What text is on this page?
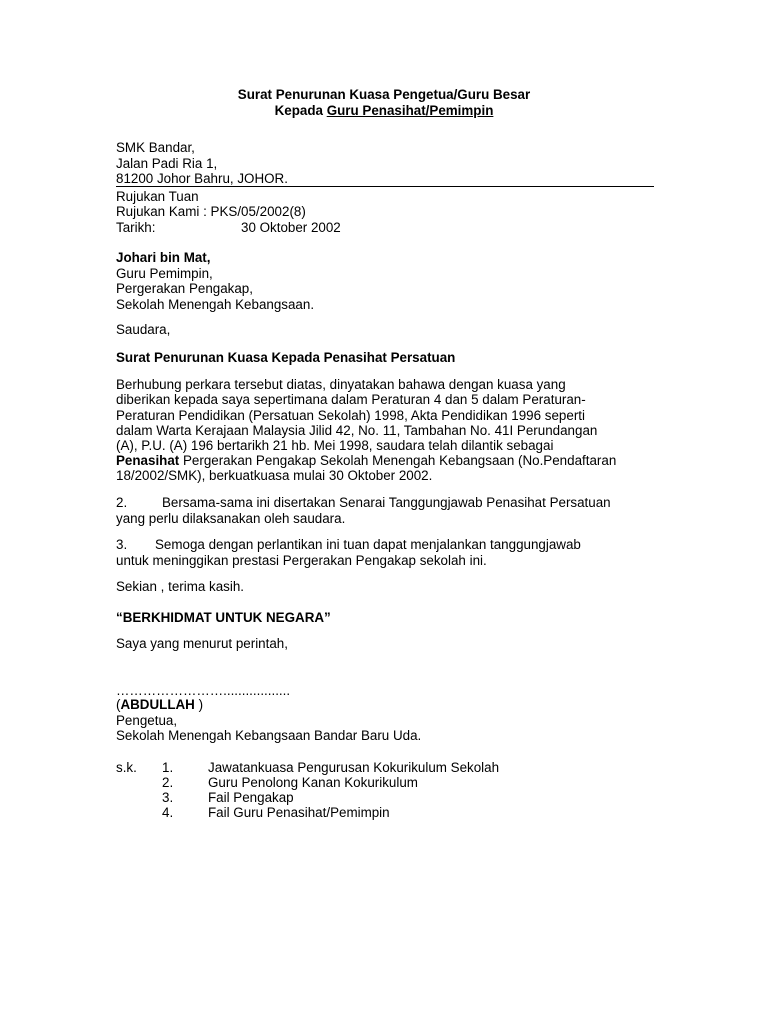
Surat Penurunan Kuasa Pengetua/Guru Besar
Kepada Guru Penasihat/Pemimpin
SMK Bandar,
Jalan Padi Ria 1,
81200 Johor Bahru, JOHOR.
Rujukan Tuan
Rujukan Kami : PKS/05/2002(8)
Tarikh:	30 Oktober 2002
Johari bin Mat,
Guru Pemimpin,
Pergerakan Pengakap,
Sekolah Menengah Kebangsaan.
Saudara,
Surat Penurunan Kuasa Kepada Penasihat Persatuan
Berhubung perkara tersebut diatas, dinyatakan bahawa dengan kuasa yang
diberikan kepada saya sepertimana dalam Peraturan 4 dan 5 dalam Peraturan-
Peraturan Pendidikan (Persatuan Sekolah) 1998, Akta Pendidikan 1996 seperti
dalam Warta Kerajaan Malaysia Jilid 42, No. 11, Tambahan No. 41I Perundangan
(A), P.U. (A) 196 bertarikh 21 hb. Mei 1998, saudara telah dilantik sebagai
Penasihat Pergerakan Pengakap Sekolah Menengah Kebangsaan (No.Pendaftaran
18/2002/SMK), berkuatkuasa mulai 30 Oktober 2002.
2.	Bersama-sama ini disertakan Senarai Tanggungjawab Penasihat Persatuan
yang perlu dilaksanakan oleh saudara.
3. Semoga dengan perlantikan ini tuan dapat menjalankan tanggungjawab
untuk meninggikan prestasi Pergerakan Pengakap sekolah ini.
Sekian , terima kasih.
“BERKHIDMAT UNTUK NEGARA”
Saya yang menurut perintah,
……………………..................
(ABDULLAH )
Pengetua,
Sekolah Menengah Kebangsaan Bandar Baru Uda.
s.k. 1.	Jawatankuasa Pengurusan Kokurikulum Sekolah
2.	Guru Penolong Kanan Kokurikulum
3.	Fail Pengakap
4.	Fail Guru Penasihat/Pemimpin
